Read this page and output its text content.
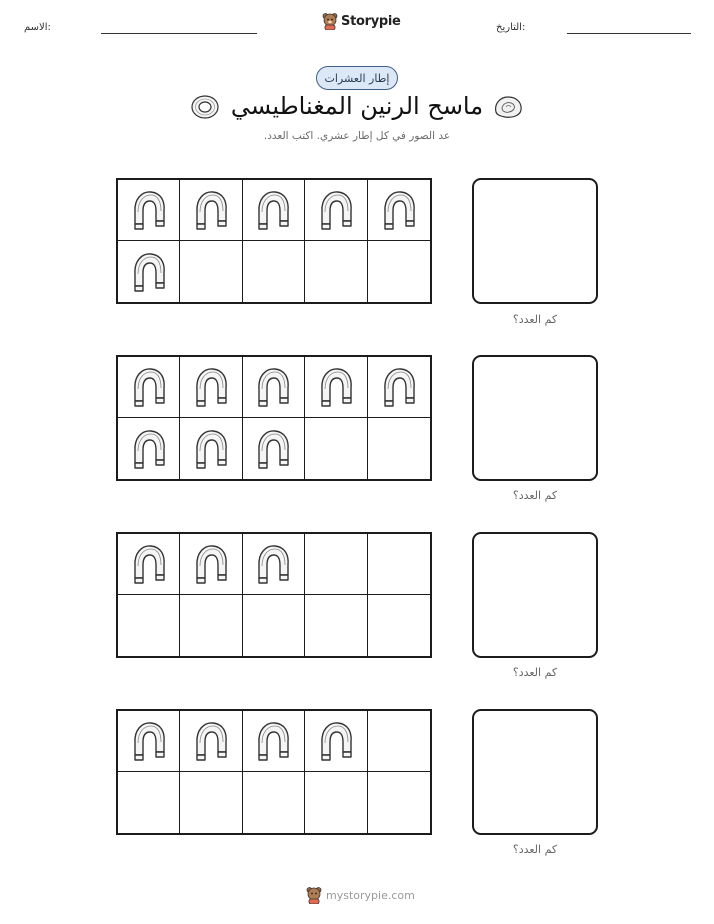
الاسم:	Storypie	التاريخ:
إطار العشرات
ماسح الرنين المغناطيسي
عد الصور في كل إطار عشري. اكتب العدد.
كم العدد؟
كم العدد؟
كم العدد؟
كم العدد؟
mystorypie.com
